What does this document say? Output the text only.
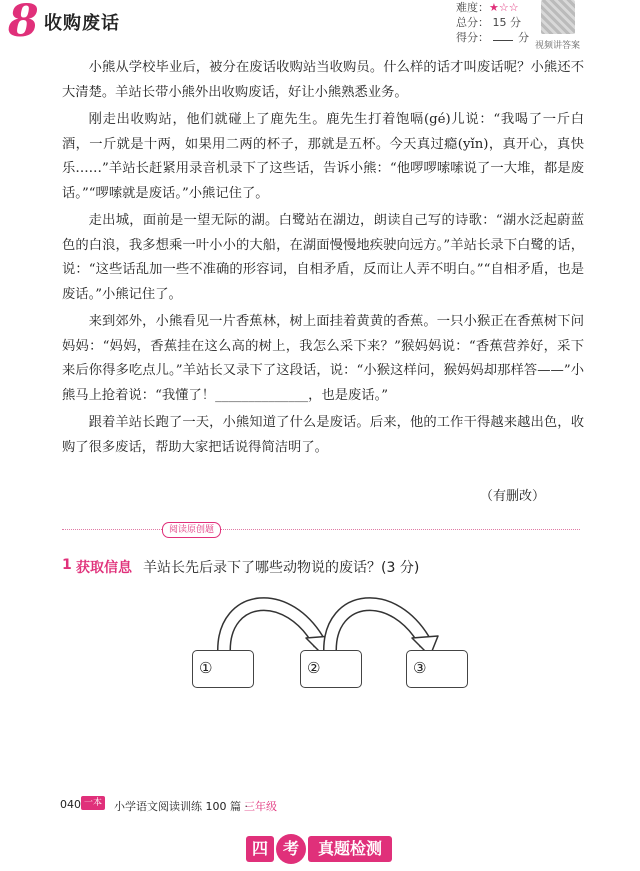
8 收购废话
难度：★☆☆
总分： 15 分
得分：	分
视频讲答案

小熊从学校毕业后，被分在废话收购站当收购员。什么样的话才叫废话呢？小熊还不大清楚。羊站长带小熊外出收购废话，好让小熊熟悉业务。

刚走出收购站，他们就碰上了鹿先生。鹿先生打着饱嗝(gé)儿说：“我喝了一斤白酒，一斤就是十两，如果用二两的杯子，那就是五杯。今天真过瘾(yǐn)，真开心，真快乐……”羊站长赶紧用录音机录下了这些话，告诉小熊：“他啰啰嗦嗦说了一大堆，都是废话。”“啰嗦就是废话。”小熊记住了。

走出城，面前是一望无际的湖。白鹭站在湖边，朗读自己写的诗歌：“湖水泛起蔚蓝色的白浪，我多想乘一叶小小的大船，在湖面慢慢地疾驶向远方。”羊站长录下白鹭的话，说：“这些话乱加一些不准确的形容词，自相矛盾，反而让人弄不明白。”“自相矛盾，也是废话。”小熊记住了。

来到郊外，小熊看见一片香蕉林，树上面挂着黄黄的香蕉。一只小猴正在香蕉树下问妈妈：“妈妈，香蕉挂在这么高的树上，我怎么采下来？”猴妈妈说：“香蕉营养好，采下来后你得多吃点儿。”羊站长又录下了这段话，说：“小猴这样问，猴妈妈却那样答——”小熊马上抢着说：“我懂了！______________，也是废话。”

跟着羊站长跑了一天，小熊知道了什么是废话。后来，他的工作干得越来越出色，收购了很多废话，帮助大家把话说得简洁明了。

（有删改）
阅读原创题
1 获取信息 羊站长先后录下了哪些动物说的废话？(3 分)
①	②	③
040 一本 小学语文阅读训练 100 篇 ·
三年级
四 考	真题检测
